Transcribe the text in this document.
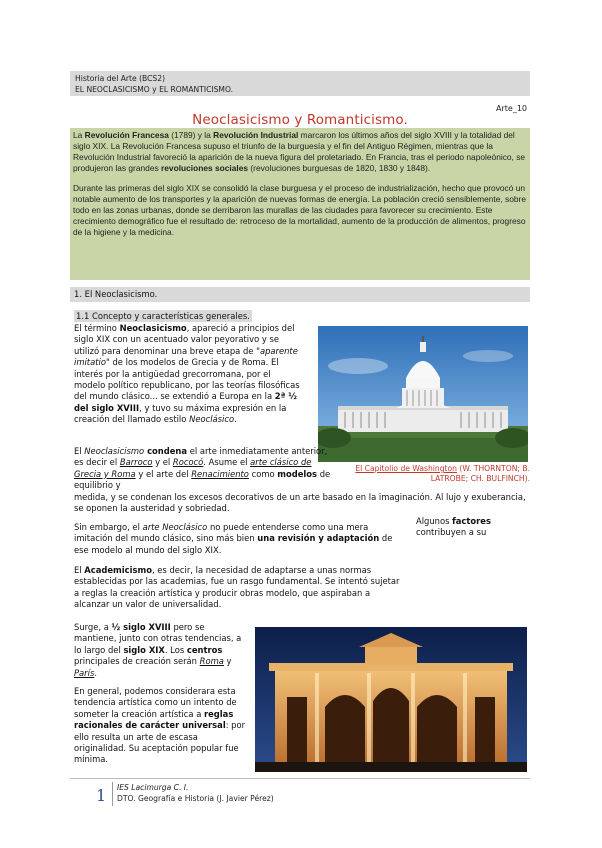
Historia del Arte (BCS2)
EL NEOCLASICISMO y EL ROMANTICISMO.
Arte_10
Neoclasicismo y Romanticismo.

La Revolución Francesa (1789) y la Revolución Industrial marcaron los últimos años del siglo XVIII y la totalidad del siglo XIX. La Revolución Francesa supuso el triunfo de la burguesía y el fin del Antiguo Régimen, mientras que la Revolución Industrial favoreció la aparición de la nueva figura del proletariado. En Francia, tras el periodo napoleónico, se produjeron las grandes revoluciones sociales (revoluciones burguesas de 1820, 1830 y 1848).

Durante las primeras del siglo XIX se consolidó la clase burguesa y el proceso de industrialización, hecho que provocó un notable aumento de los transportes y la aparición de nuevas formas de energía. La población creció sensiblemente, sobre todo en las zonas urbanas, donde se derribaron las murallas de las ciudades para favorecer su crecimiento. Este crecimiento demográfico fue el resultado de: retroceso de la mortalidad, aumento de la producción de alimentos, progreso de la higiene y la medicina.

1. El Neoclasicismo.
1.1 Concepto y características generales.
El término Neoclasicismo, apareció a principios del siglo XIX con un acentuado valor peyorativo y se utilizó para denominar una breve etapa de "aparente imitatio" de los modelos de Grecia y de Roma. El interés por la antigüedad grecorromana, por el modelo político republicano, por las teorías filosóficas del mundo clásico... se extendió a Europa en la 2ª ½ del siglo XVIII, y tuvo su máxima expresión en la creación del llamado estilo Neoclásico.
El Neoclasicismo condena el arte inmediatamente anterior, es decir el Barroco y el Rococó. Asume el arte clásico de Grecia y Roma y el arte del Renacimiento como modelos de equilibrio y
El Capitolio de Washington (W. THORNTON; B. LATROBE; CH. BULFINCH).
medida, y se condenan los excesos decorativos de un arte basado en la imaginación. Al lujo y exuberancia, se oponen la austeridad y sobriedad.
Sin embargo, el arte Neoclásico no puede entenderse como una mera imitación del mundo clásico, sino más bien una revisión y adaptación de ese modelo al mundo del siglo XIX.
Algunos factores contribuyen a su
El Academicismo, es decir, la necesidad de adaptarse a unas normas establecidas por las academias, fue un rasgo fundamental. Se intentó sujetar a reglas la creación artística y producir obras modelo, que aspiraban a alcanzar un valor de universalidad.
Surge, a ½ siglo XVIII pero se mantiene, junto con otras tendencias, a lo largo del siglo XIX. Los centros principales de creación serán Roma y París.
En general, podemos considerara esta tendencia artística como un intento de someter la creación artística a reglas racionales de carácter universal: por ello resulta un arte de escasa originalidad. Su aceptación popular fue mínima.
1 IES Lacimurga C. I.
DTO. Geografía e Historia (J. Javier Pérez)
